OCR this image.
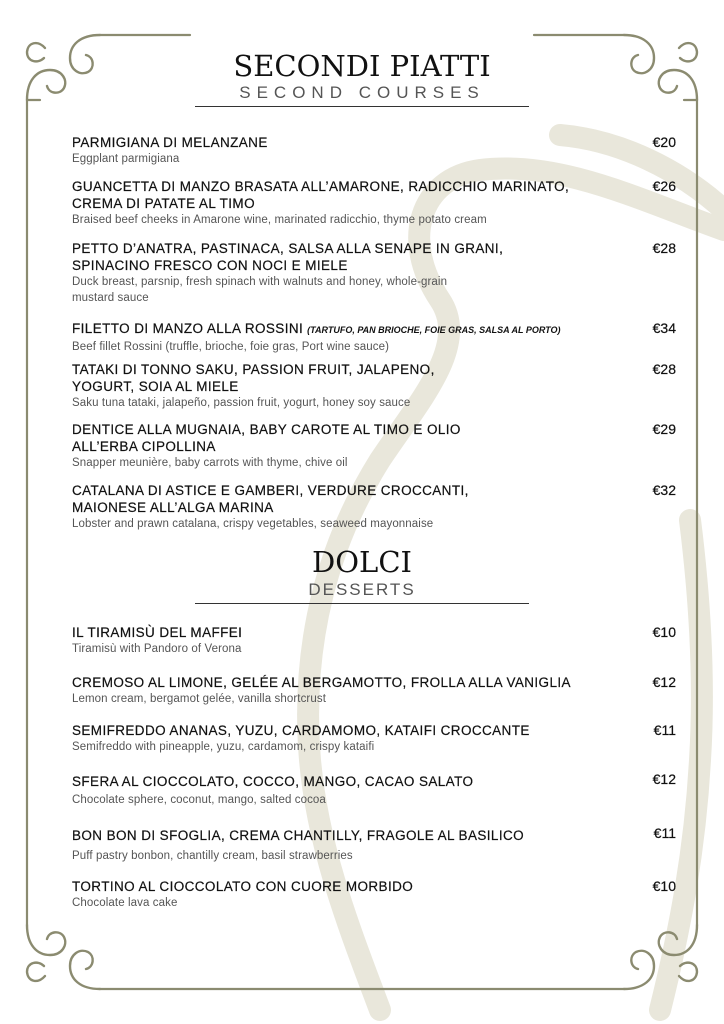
SECONDI PIATTI
SECOND COURSES
PARMIGIANA DI MELANZANE
Eggplant parmigiana
€20
GUANCETTA DI MANZO BRASATA ALL’AMARONE, RADICCHIO MARINATO, CREMA DI PATATE AL TIMO
Braised beef cheeks in Amarone wine, marinated radicchio, thyme potato cream
€26
PETTO D’ANATRA, PASTINACA, SALSA ALLA SENAPE IN GRANI, SPINACINO FRESCO CON NOCI E MIELE
Duck breast, parsnip, fresh spinach with walnuts and honey, whole-grain mustard sauce
€28
FILETTO DI MANZO ALLA ROSSINI (TARTUFO, PAN BRIOCHE, FOIE GRAS, SALSA AL PORTO)
Beef fillet Rossini (truffle, brioche, foie gras, Port wine sauce)
€34
TATAKI DI TONNO SAKU, PASSION FRUIT, JALAPENO, YOGURT, SOIA AL MIELE
Saku tuna tataki, jalapeño, passion fruit, yogurt, honey soy sauce
€28
DENTICE ALLA MUGNAIA, BABY CAROTE AL TIMO E OLIO ALL’ERBA CIPOLLINA
Snapper meunière, baby carrots with thyme, chive oil
€29
CATALANA DI ASTICE E GAMBERI, VERDURE CROCCANTI, MAIONESE ALL’ALGA MARINA
Lobster and prawn catalana, crispy vegetables, seaweed mayonnaise
€32
DOLCI
DESSERTS
IL TIRAMISÙ DEL MAFFEI
Tiramisù with Pandoro of Verona
€10
CREMOSO AL LIMONE, GELÉE AL BERGAMOTTO, FROLLA ALLA VANIGLIA
Lemon cream, bergamot gelée, vanilla shortcrust
€12
SEMIFREDDO ANANAS, YUZU, CARDAMOMO, KATAIFI CROCCANTE
Semifreddo with pineapple, yuzu, cardamom, crispy kataifi
€11
SFERA AL CIOCCOLATO, COCCO, MANGO, CACAO SALATO
Chocolate sphere, coconut, mango, salted cocoa
€12
BON BON DI SFOGLIA, CREMA CHANTILLY, FRAGOLE AL BASILICO
Puff pastry bonbon, chantilly cream, basil strawberries
€11
TORTINO AL CIOCCOLATO CON CUORE MORBIDO
Chocolate lava cake
€10
